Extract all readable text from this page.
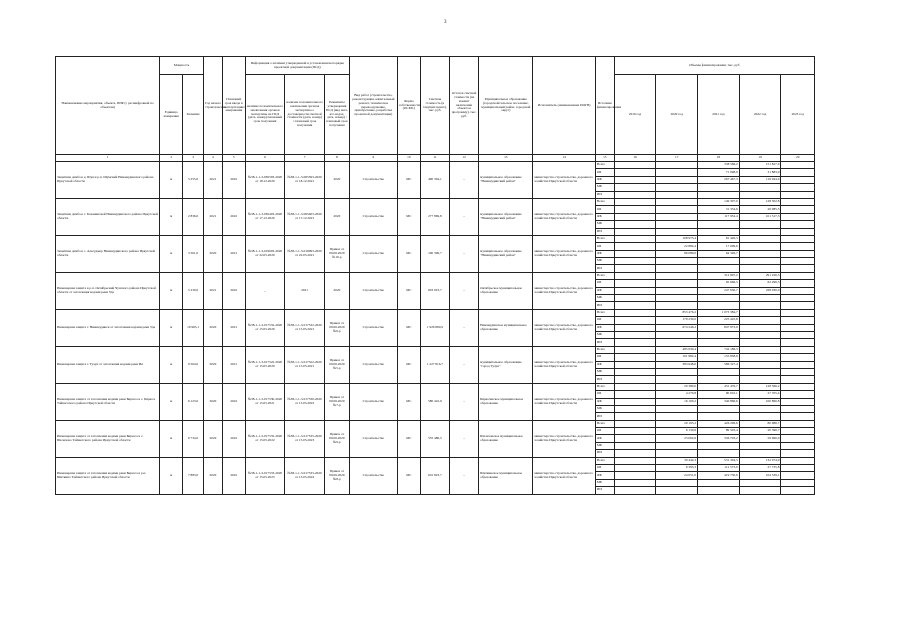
3
Наименование мероприятия, объекта, ПИР (с расшифровкой по объектам)	Мощность		Год начала строительства	Плановый срок ввода в эксплуатацию/завершения	Информация о наличии утвержденной в установленном порядке проектной документации (ПСД)			Вид работ (строительство, реконструкция, капитальный ремонт, техническое перевооружение, приобретение, разработка проектной документации)	Форма собственности (ОСМС)	Сметная стоимость (в текущих ценах), тыс. руб.	Остаток сметной стоимости (на момент включения объекта в программу), тыс. руб.	Муниципальное образование (городской/сельское поселение, муниципальный район, городской округ)	Исполнитель (наименование ИОГВ)	Источник финансирования	Объемы финансирования, тыс. руб				
	Единица измерения	Значение			наличие положительного заключения органов экспертизы на ПСД (дата, номер)/плановый срок получения	наличие положительного заключения органов экспертизы о достоверности сметной стоимости (дата, номер) / плановый срок получения	Реквизиты утверждения ПСД (вид акта, кто издал, дата, номер) / плановый срок получения								2019 год	2020 год	2021 год	2022 год	2023 год

1	2	3	4	5	6	7	8	9	10	11	12	13	14	15	16	17	18	19	20
Защитная дамба в д. Шуя и р.п. Шумский Нижнеудинского района Иркутской области	м	5 255,0	2021	2022	№38-1-1-3-065593-2020 от 18.12.2020	№38-1-1-3-065593-2020 от 18.12.2021	2020	Строительство	МС	490 394,1	–	муниципальное образование "Нижнеудинский район"	министерство строительства, дорожного хозяйства Иркутской области	Всего			338 566,2	151 827,9	
														ОБ			71 098,9	31 883,9	
														ФБ			267 467,3	119 944,0	
														МБ					
														ИИ					
Защитная дамба в с. Боханинской Нижнеудинского района Иркутской области	м	2 836,0	2021	2022	№38-1-1-3-065403-2020 от 17.12.2020	№38-1-1-3-065403-2020 от 17.12.2021	2020	Строительство	МС	277 869,8	–	муниципальное образование "Нижнеудинский район"	министерство строительства, дорожного хозяйства Иркутской области	Всего			149 307,0	128 502,8	
														ОБ			31 354,6	26 985,5	
														ФБ			117 952,4	101 517,3	
														МБ					
														ИИ					
Защитная дамба в с. Альгуджер Нижнеудинского района Иркутской области	м	3 501,0	2020	2021	№38-1-1-3-019093-2020 от 22.05.2020	№38-1-1-3-019093-2020 от 22.05.2021	Приказ от 09.06.2020 №10-р	Строительство	МС	190 399,7	–	муниципальное образование "Нижнеудинский район"	министерство строительства, дорожного хозяйства Иркутской области	Всего		108 973,4	81 426,3		
														ОБ		22 884,4	17 099,6		
														ФБ		86 089,0	64 326,7		
														МБ					
														ИИ					
Инженерная защита в р.п. Октябрьский Чунского района Иркутской области от затопления водами реки Уда	м	5 230,0	2021	2022	_	2021	2020	Строительство	МС	603 923,7	–	Октябрьское муниципальное образование	министерство строительства, дорожного хозяйства Иркутской области	Всего			312 697,2	291 226,5	
														ОБ			65 666,5	62 296,5	
														ФБ			247 030,7	228 930,0	
														МБ					
														ИИ					
Инженерная защита г. Нижнеудинск от затопления водами реки Уда	м	16 963,1	2020	2021	№38-1-1-3-017532-2020 от 15.05.2020	№38-1-1-3-017532-2020 от 15.05.2021	Приказ от 09.06.2020 №6-р	Строительство	МС	1 926 860,9	–	Нижнеудинское муниципальное образование	министерство строительства, дорожного хозяйства Иркутской области	Всего		853 476,2	1 073 384,7		
														ОБ		179 230,0	225 410,8		
														ФБ		674 246,2	847 973,9		
														МБ					
														ИИ					
Инженерная защита г. Тулун от затопления водами реки Ия	м	9 564,0	2020	2021	№38-1-1-3-017522-2020 от 15.05.2020	№38-1-1-3-017522-2020 от 15.05.2021	Приказ от 09.06.2020 №5-р	Строительство	МС	1 227 816,7	–	муниципальное образование "город Тулун"	министерство строительства, дорожного хозяйства Иркутской области	Всего		485 630,4	742 186,3		
														ОБ		101 982,4	155 858,9		
														ФБ		383 648,0	586 327,4		
														МБ					
														ИИ					
Инженерная защита от затопления водами реки Бирюса в с. Бирюса Тайшетского района Иркутской области	м	6 123,0	2020	2022	№38-1-1-3-017530-2020 от 15.05.2021	№38-1-1-3-017530-2020 от 15.05.2022	Приказ от 09.06.2020 №7-р	Строительство	МС	580 422,9	–	Бирюсинское муниципальное образование	министерство строительства, дорожного хозяйства Иркутской области	Всего		20 380,0	431 476,7	128 566,2	
														ОБ		4 279,8	90 610,1	27 705,4	
														ФБ		16 100,2	340 866,6	100 860,8	
														МБ					
														ИИ					
Инженерная защита от затопления водами реки Бирюса в с. Шелехово Тайшетского района Иркутской области	м	6 734,0	2020	2022	№38-1-1-3-017535-2020 от 15.05.2022	№38-1-1-3-017535-2020 от 15.05.2023	Приказ от 09.06.2020 №9-р	Строительство	МС	535 486,5	–	Шелеховское муниципальное образование	министерство строительства, дорожного хозяйства Иркутской области	Всего		29 193,2	426 206,6	80 086,7	
														ОБ		6 130,6	89 503,4	20 396,7	
														ФБ		23 062,6	336 703,2	59 690,0	
														МБ					
														ИИ					
Инженерная защита от затопления водами реки Бирюса в р.п. Шиткино Тайшетского района Иркутской области	м	7 883,0	2020	2022	№38-1-1-3-017533-2020 от 15.05.2023	№38-1-1-3-017533-2020 от 15.05.2024	Приказ от 09.06.2020 №8-р	Строительство	МС	610 823,7	–	Шиткинское муниципальное образование	министерство строительства, дорожного хозяйства Иркутской области	Всего		30 444,3	531 304,5	132 074,9	
														ОБ		6 393,3	111 573,9	27 735,8	
														ФБ		24 051,0	419 730,6	104 339,1	
														МБ					
														ИИ					
